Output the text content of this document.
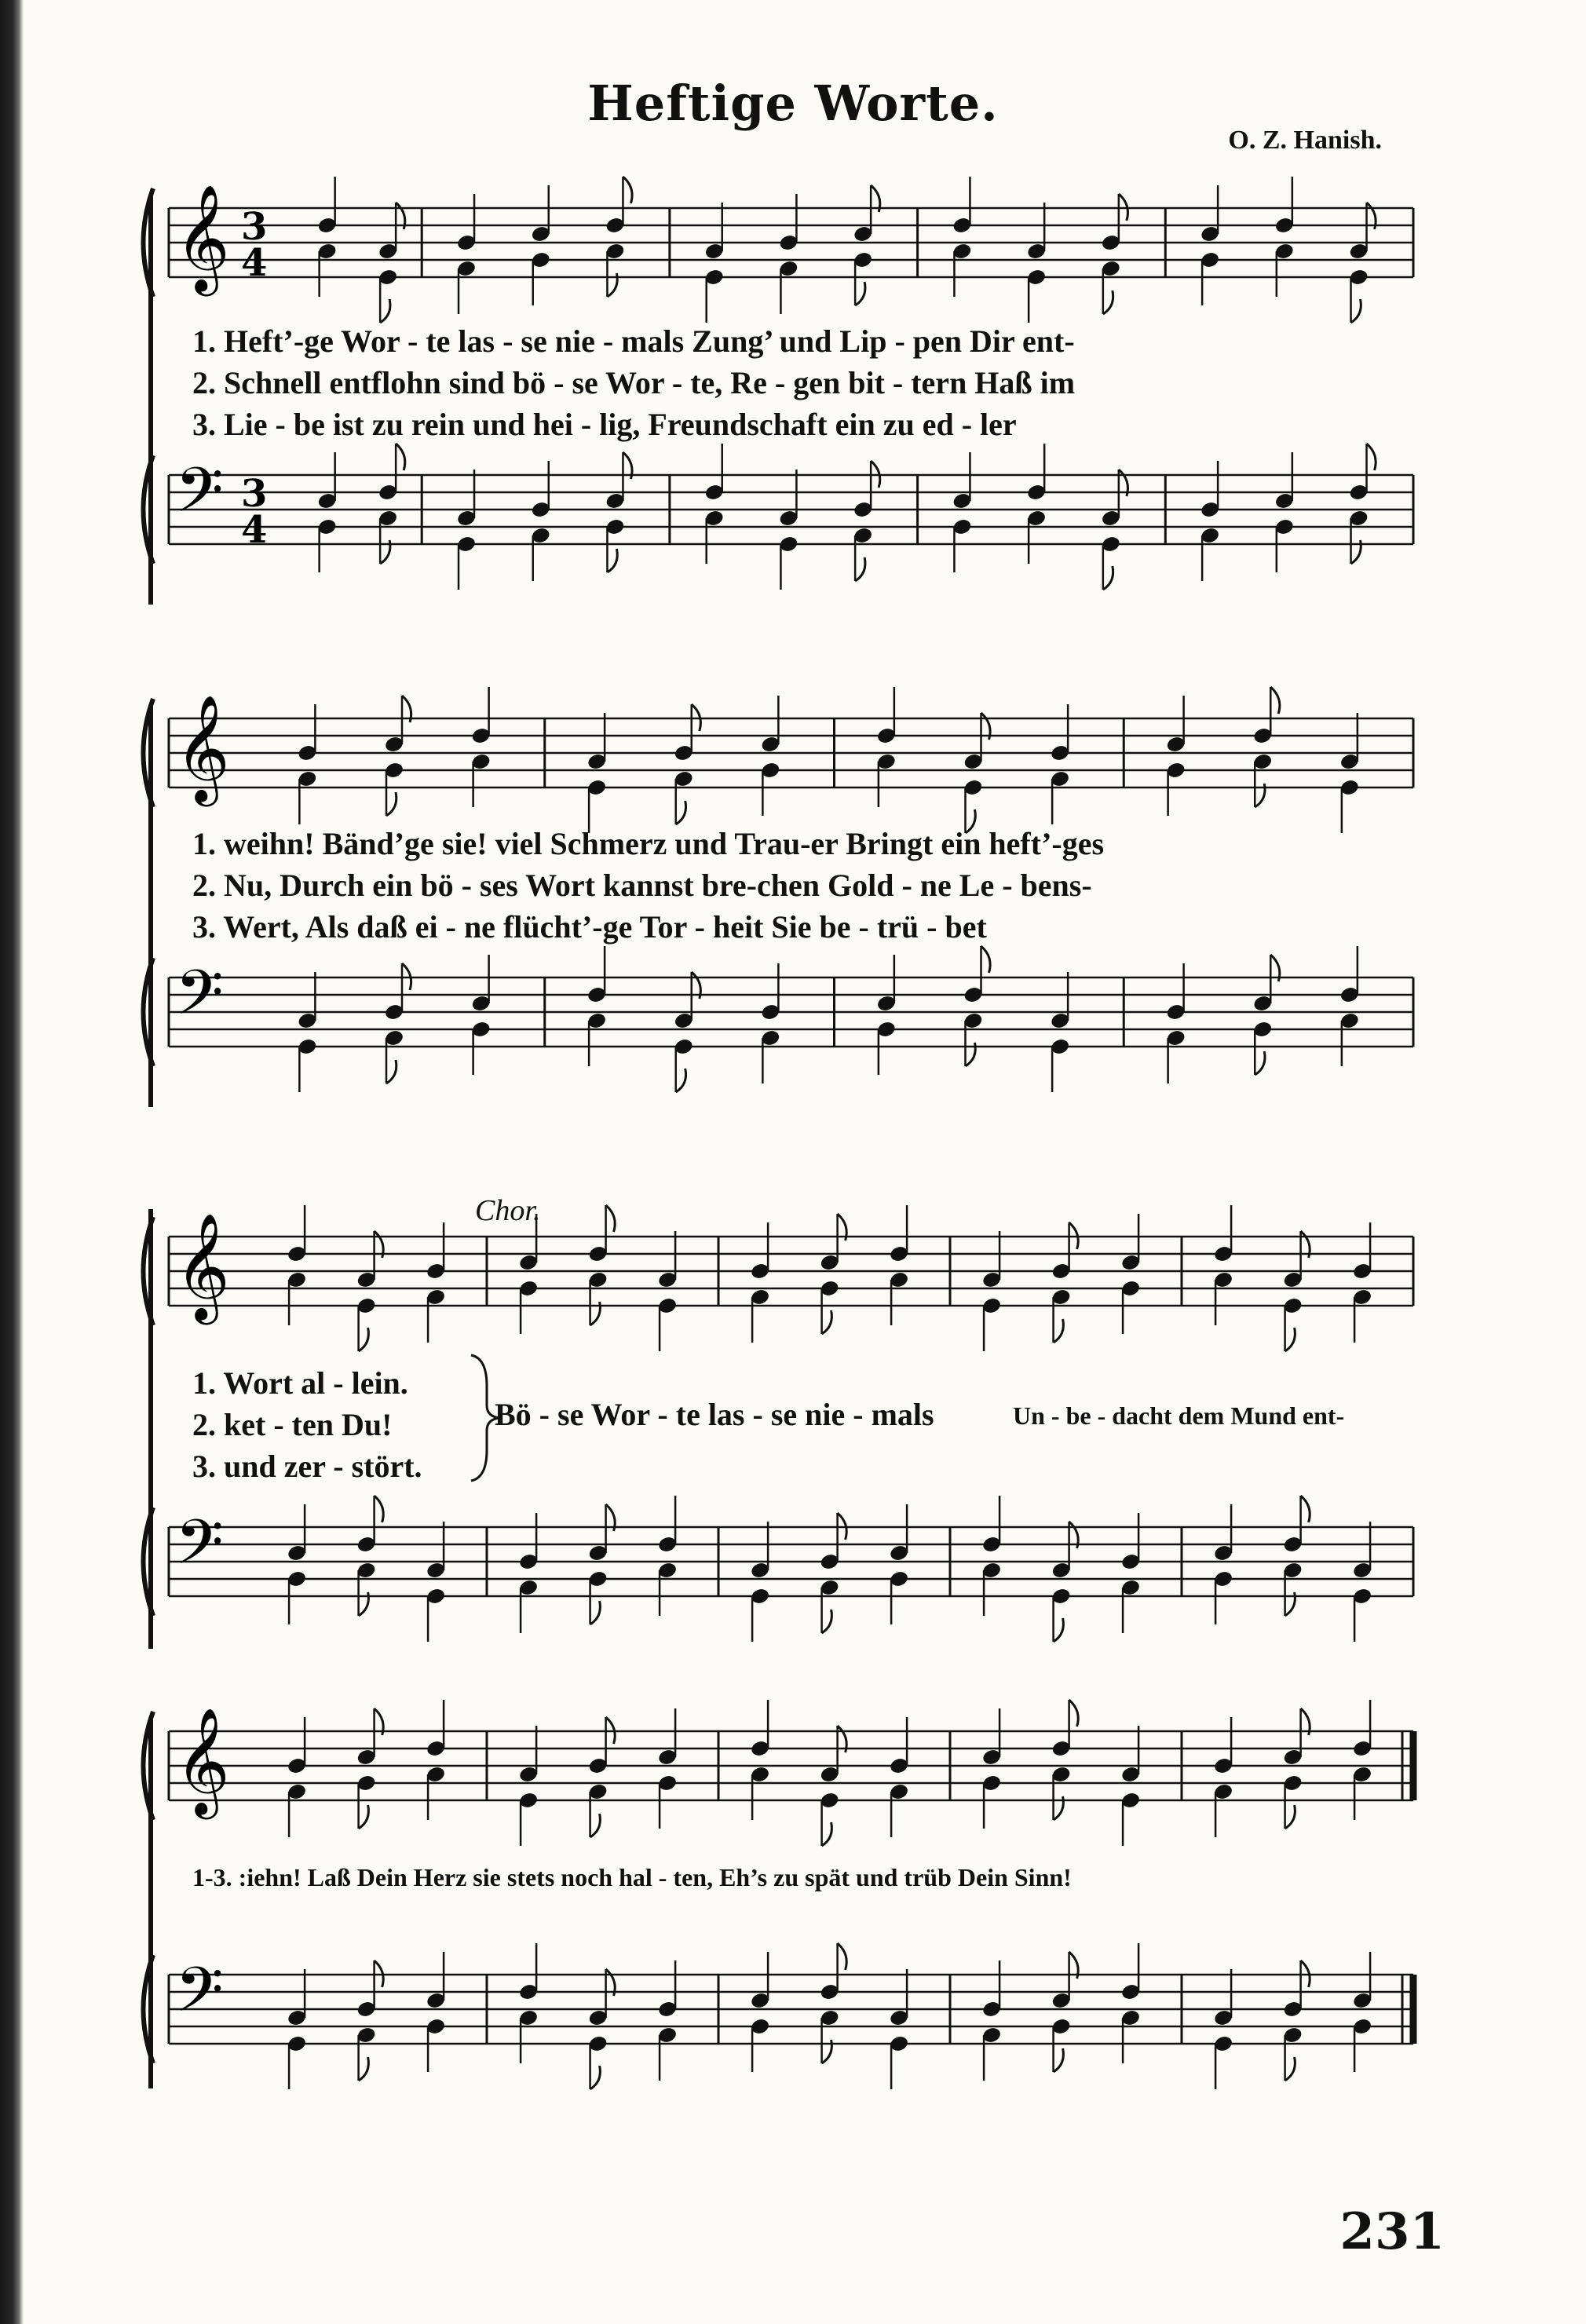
Heftige Worte.
O. Z. Hanish.
𝄞 3
4
1. Heft’-ge Wor - te las - se nie - mals Zung’ und Lip - pen Dir ent-
2. Schnell entflohn sind bö - se Wor - te, Re - gen bit - tern Haß im
3. Lie - be ist zu rein und hei - lig, Freundschaft ein zu ed - ler
𝄢 3
4
𝄞
1. weihn! Bänd’ge sie! viel Schmerz und Trau-er Bringt ein heft’-ges
2. Nu, Durch ein bö - ses Wort kannst bre-chen Gold - ne Le - bens-
3. Wert, Als daß ei - ne flücht’-ge Tor - heit Sie be - trü - bet
𝄢
Chor.
𝄞
1. Wort al - lein.
2. ket - ten Du!
3. und zer - stört.
Bö - se Wor - te las - se nie - mals	Un - be - dacht dem Mund ent-
𝄢
𝄞
1-3. :iehn! Laß Dein Herz sie stets noch hal - ten, Eh’s zu spät und trüb Dein Sinn!
𝄢
231
